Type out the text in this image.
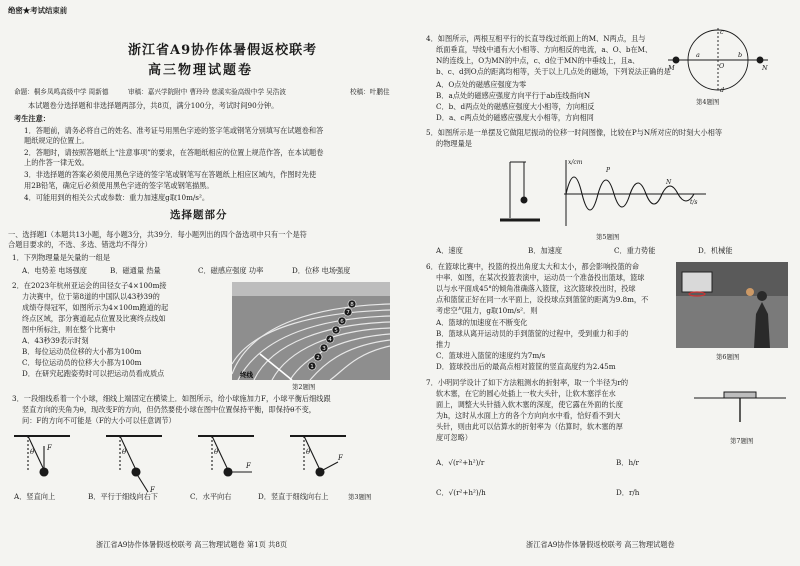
绝密★考试结束前
浙江省A9协作体暑假返校联考
高三物理试题卷
命题：桐乡凤鸣高级中学 周新德	审稿：嘉兴学院附中 曹玲玲 慈溪实验高级中学 吴浩波	校稿：叶鹏佳
本试题卷分选择题和非选择题两部分，共8页，满分100分，考试时间90分钟。
考生注意：
1．答题前，请务必将自己的姓名、准考证号用黑色字迹的签字笔或钢笔分别填写在试题卷和答
题纸规定的位置上。
2．答题时，请按照答题纸上“注意事项”的要求，在答题纸相应的位置上规范作答，在本试题卷
上的作答一律无效。
3．非选择题的答案必须使用黑色字迹的签字笔或钢笔写在答题纸上相应区域内，作图时先使
用2B铅笔，确定后必须使用黑色字迹的签字笔或钢笔描黑。
4．可能用到的相关公式或参数：重力加速度g取10m/s²。
选择题部分
一、选择题Ⅰ（本题共13小题，每小题3分，共39分．每小题列出的四个备选项中只有一个是符
合题目要求的，不选、多选、错选均不得分）
1．下列物理量是矢量的一组是
A．电势差 电场强度	B．磁通量 热量	C．磁感应强度 功率	D．位移 电场强度
2．在2023年杭州亚运会的田径女子4×100m接
力决赛中，位于第8道的中国队以43秒39的
成绩夺得冠军，如图所示为4×100m跑道的起
终点区域，部分赛道起点位置及比赛终点线如
图中所标注，则在整个比赛中
A．43秒39表示时刻
B．每位运动员位移的大小都为100m
C．每位运动员的位移大小都为100m
D．在研究起跑姿势时可以把运动员看成质点
8
7
6
5
4
3
2
1
终线
第2题图
3．一段细线系着一个小球，细线上端固定在横梁上．如图所示，给小球施加力F，小球平衡后细线跟
竖直方向的夹角为θ，现改变F的方向，但仍然要使小球在图中位置保持平衡，即保持θ不变，
问：F的方向不可能是（F的大小可以任意调节）
θ F	θ
F
θ
F
θ
F
A．竖直向上	B．平行于细线向右下	C．水平向右	D．竖直于细线向右上	第3题图
浙江省A9协作体暑假返校联考 高三物理试题卷 第1页 共8页
4．如图所示，两根互相平行的长直导线过纸面上的M、N两点，且与
纸面垂直，导线中通有大小相等、方向相反的电流，a、O、b在M、
N的连线上，O为MN的中点，c、d位于MN的中垂线上，且a、
b、c、d到O点的距离均相等，关于以上几点处的磁场，下列说法正确的是
A．O点处的磁感应强度为零
B．a点处的磁感应强度方向平行于ab连线指向N
C．b、d两点处的磁感应强度大小相等，方向相反
D．a、c两点处的磁感应强度大小相等，方向相同
c
d
M	N
a
O
b
第4题图
5．如图所示是一单摆及它做阻尼振动的位移一时间图像，比较在P与N所对应的时刻大小相等
的物理量是
x/cm
t/s
P
N
第5题图
A．速度	B．加速度	C．重力势能	D．机械能
6．在篮球比赛中，投篮的投出角度太大和太小，都会影响投篮的命
中率．如图，在某次投篮表演中，运动员一个准备投出篮球，篮球
以与水平面成45°的倾角准确落入篮筐，这次篮球投出时，投球
点和篮筐正好在同一水平面上，设投球点到篮筐的距离为9.8m，不
考虑空气阻力，g取10m/s²．则
A．篮球的加速度在不断变化
B．篮球从离开运动员的手到篮筐的过程中，受到重力和手的
推力
C．篮球进入篮筐的速度约为7m/s
D．篮球投出后的最高点相对篮筐的竖直高度约为2.45m
第6题图
7．小明同学设计了如下方法粗测水的折射率，取一个半径为r的
软木塞，在它的圆心处插上一枚大头针，让软木塞浮在水
面上，调整大头针插入软木塞的深度，使它露在外面的长度
为h，这时从水面上方的各个方向向水中看，恰好看不到大
头针，则由此可以估算水的折射率为（估算时，软木塞的厚
度可忽略）
A．√(r²+h²)/r	B．h/r
C．√(r²+h²)/h	D．r/h
第7题图
浙江省A9协作体暑假返校联考 高三物理试题卷
